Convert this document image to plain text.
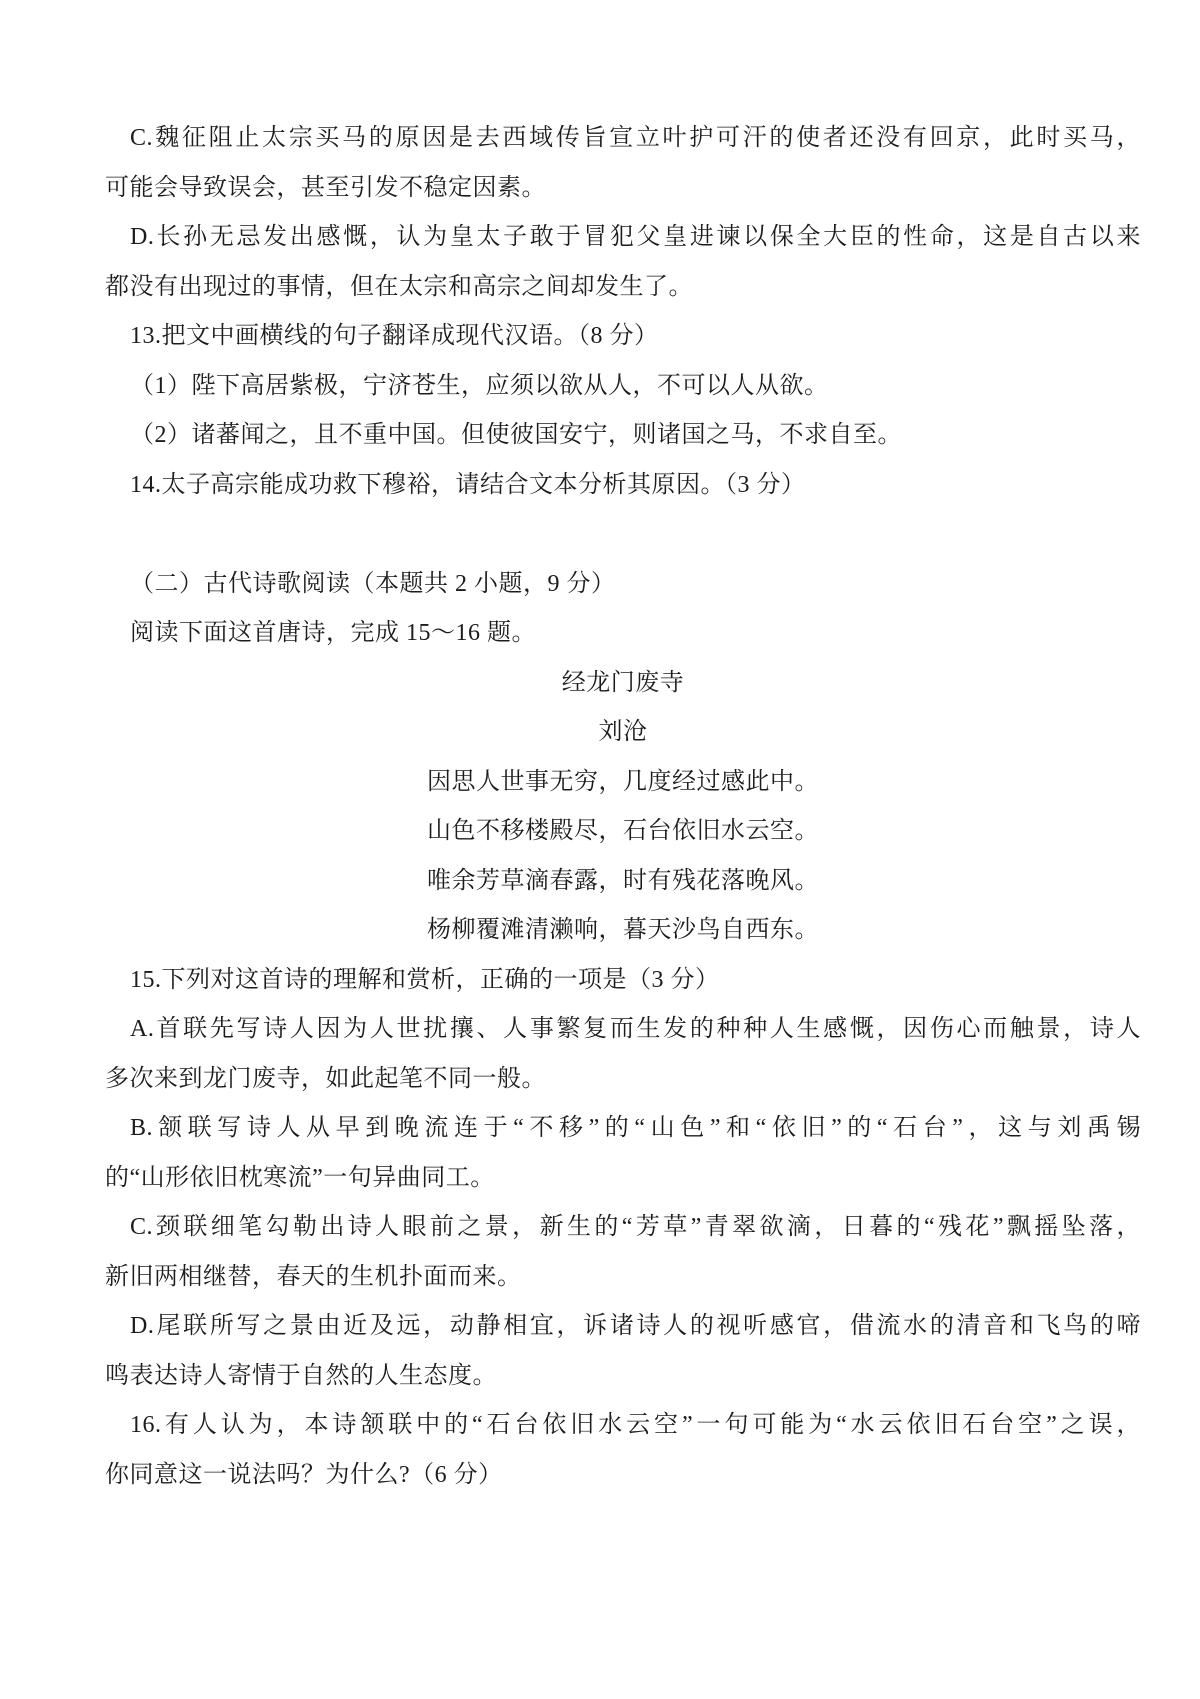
C.魏征阻止太宗买马的原因是去西域传旨宣立叶护可汗的使者还没有回京，此时买马，
可能会导致误会，甚至引发不稳定因素。
D.长孙无忌发出感慨，认为皇太子敢于冒犯父皇进谏以保全大臣的性命，这是自古以来
都没有出现过的事情，但在太宗和高宗之间却发生了。
13.把文中画横线的句子翻译成现代汉语。（8 分）
（1）陛下高居紫极，宁济苍生，应须以欲从人，不可以人从欲。
（2）诸蕃闻之，且不重中国。但使彼国安宁，则诸国之马，不求自至。
14.太子高宗能成功救下穆裕，请结合文本分析其原因。（3 分）
（二）古代诗歌阅读（本题共 2 小题，9 分）
阅读下面这首唐诗，完成 15～16 题。
经龙门废寺
刘沧
因思人世事无穷，几度经过感此中。
山色不移楼殿尽，石台依旧水云空。
唯余芳草滴春露，时有残花落晚风。
杨柳覆滩清濑响，暮天沙鸟自西东。
15.下列对这首诗的理解和赏析，正确的一项是（3 分）
A.首联先写诗人因为人世扰攘、人事繁复而生发的种种人生感慨，因伤心而触景，诗人
多次来到龙门废寺，如此起笔不同一般。
B.颔联写诗人从早到晚流连于“不移”的“山色”和“依旧”的“石台”，这与刘禹锡
的“山形依旧枕寒流”一句异曲同工。
C.颈联细笔勾勒出诗人眼前之景，新生的“芳草”青翠欲滴，日暮的“残花”飘摇坠落，
新旧两相继替，春天的生机扑面而来。
D.尾联所写之景由近及远，动静相宜，诉诸诗人的视听感官，借流水的清音和飞鸟的啼
鸣表达诗人寄情于自然的人生态度。
16.有人认为，本诗颔联中的“石台依旧水云空”一句可能为“水云依旧石台空”之误，
你同意这一说法吗？为什么?（6 分）
